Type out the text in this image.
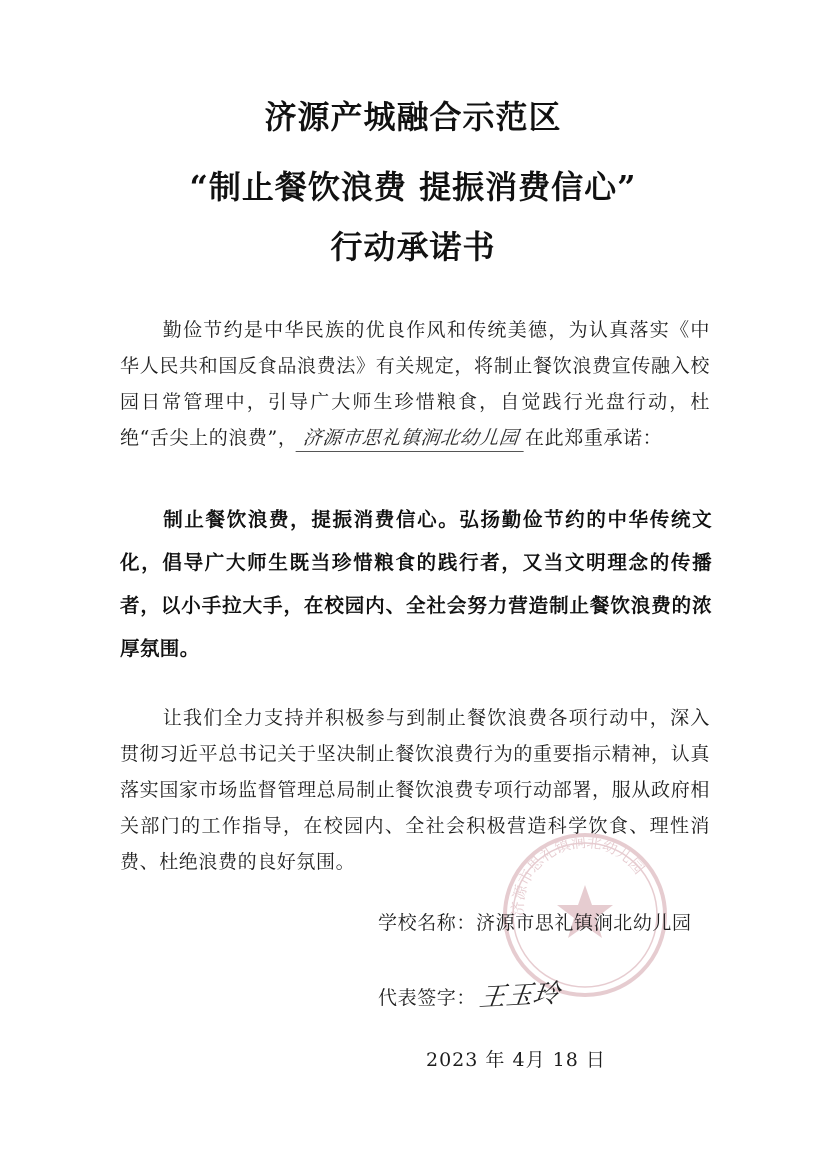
济源产城融合示范区
“制止餐饮浪费 提振消费信心”
行动承诺书
勤俭节约是中华民族的优良作风和传统美德，为认真落实《中华人民共和国反食品浪费法》有关规定，将制止餐饮浪费宣传融入校园日常管理中，引导广大师生珍惜粮食，自觉践行光盘行动，杜绝“舌尖上的浪费”， 济源市思礼镇涧北幼儿园 在此郑重承诺：
制止餐饮浪费，提振消费信心。弘扬勤俭节约的中华传统文化，倡导广大师生既当珍惜粮食的践行者，又当文明理念的传播者，以小手拉大手，在校园内、全社会努力营造制止餐饮浪费的浓厚氛围。
让我们全力支持并积极参与到制止餐饮浪费各项行动中，深入贯彻习近平总书记关于坚决制止餐饮浪费行为的重要指示精神，认真落实国家市场监督管理总局制止餐饮浪费专项行动部署，服从政府相关部门的工作指导，在校园内、全社会积极营造科学饮食、理性消费、杜绝浪费的良好氛围。
济源市思礼镇涧北幼儿园
学校名称：济源市思礼镇涧北幼儿园
代表签字：王玉玲
2023 年 4月 18 日
